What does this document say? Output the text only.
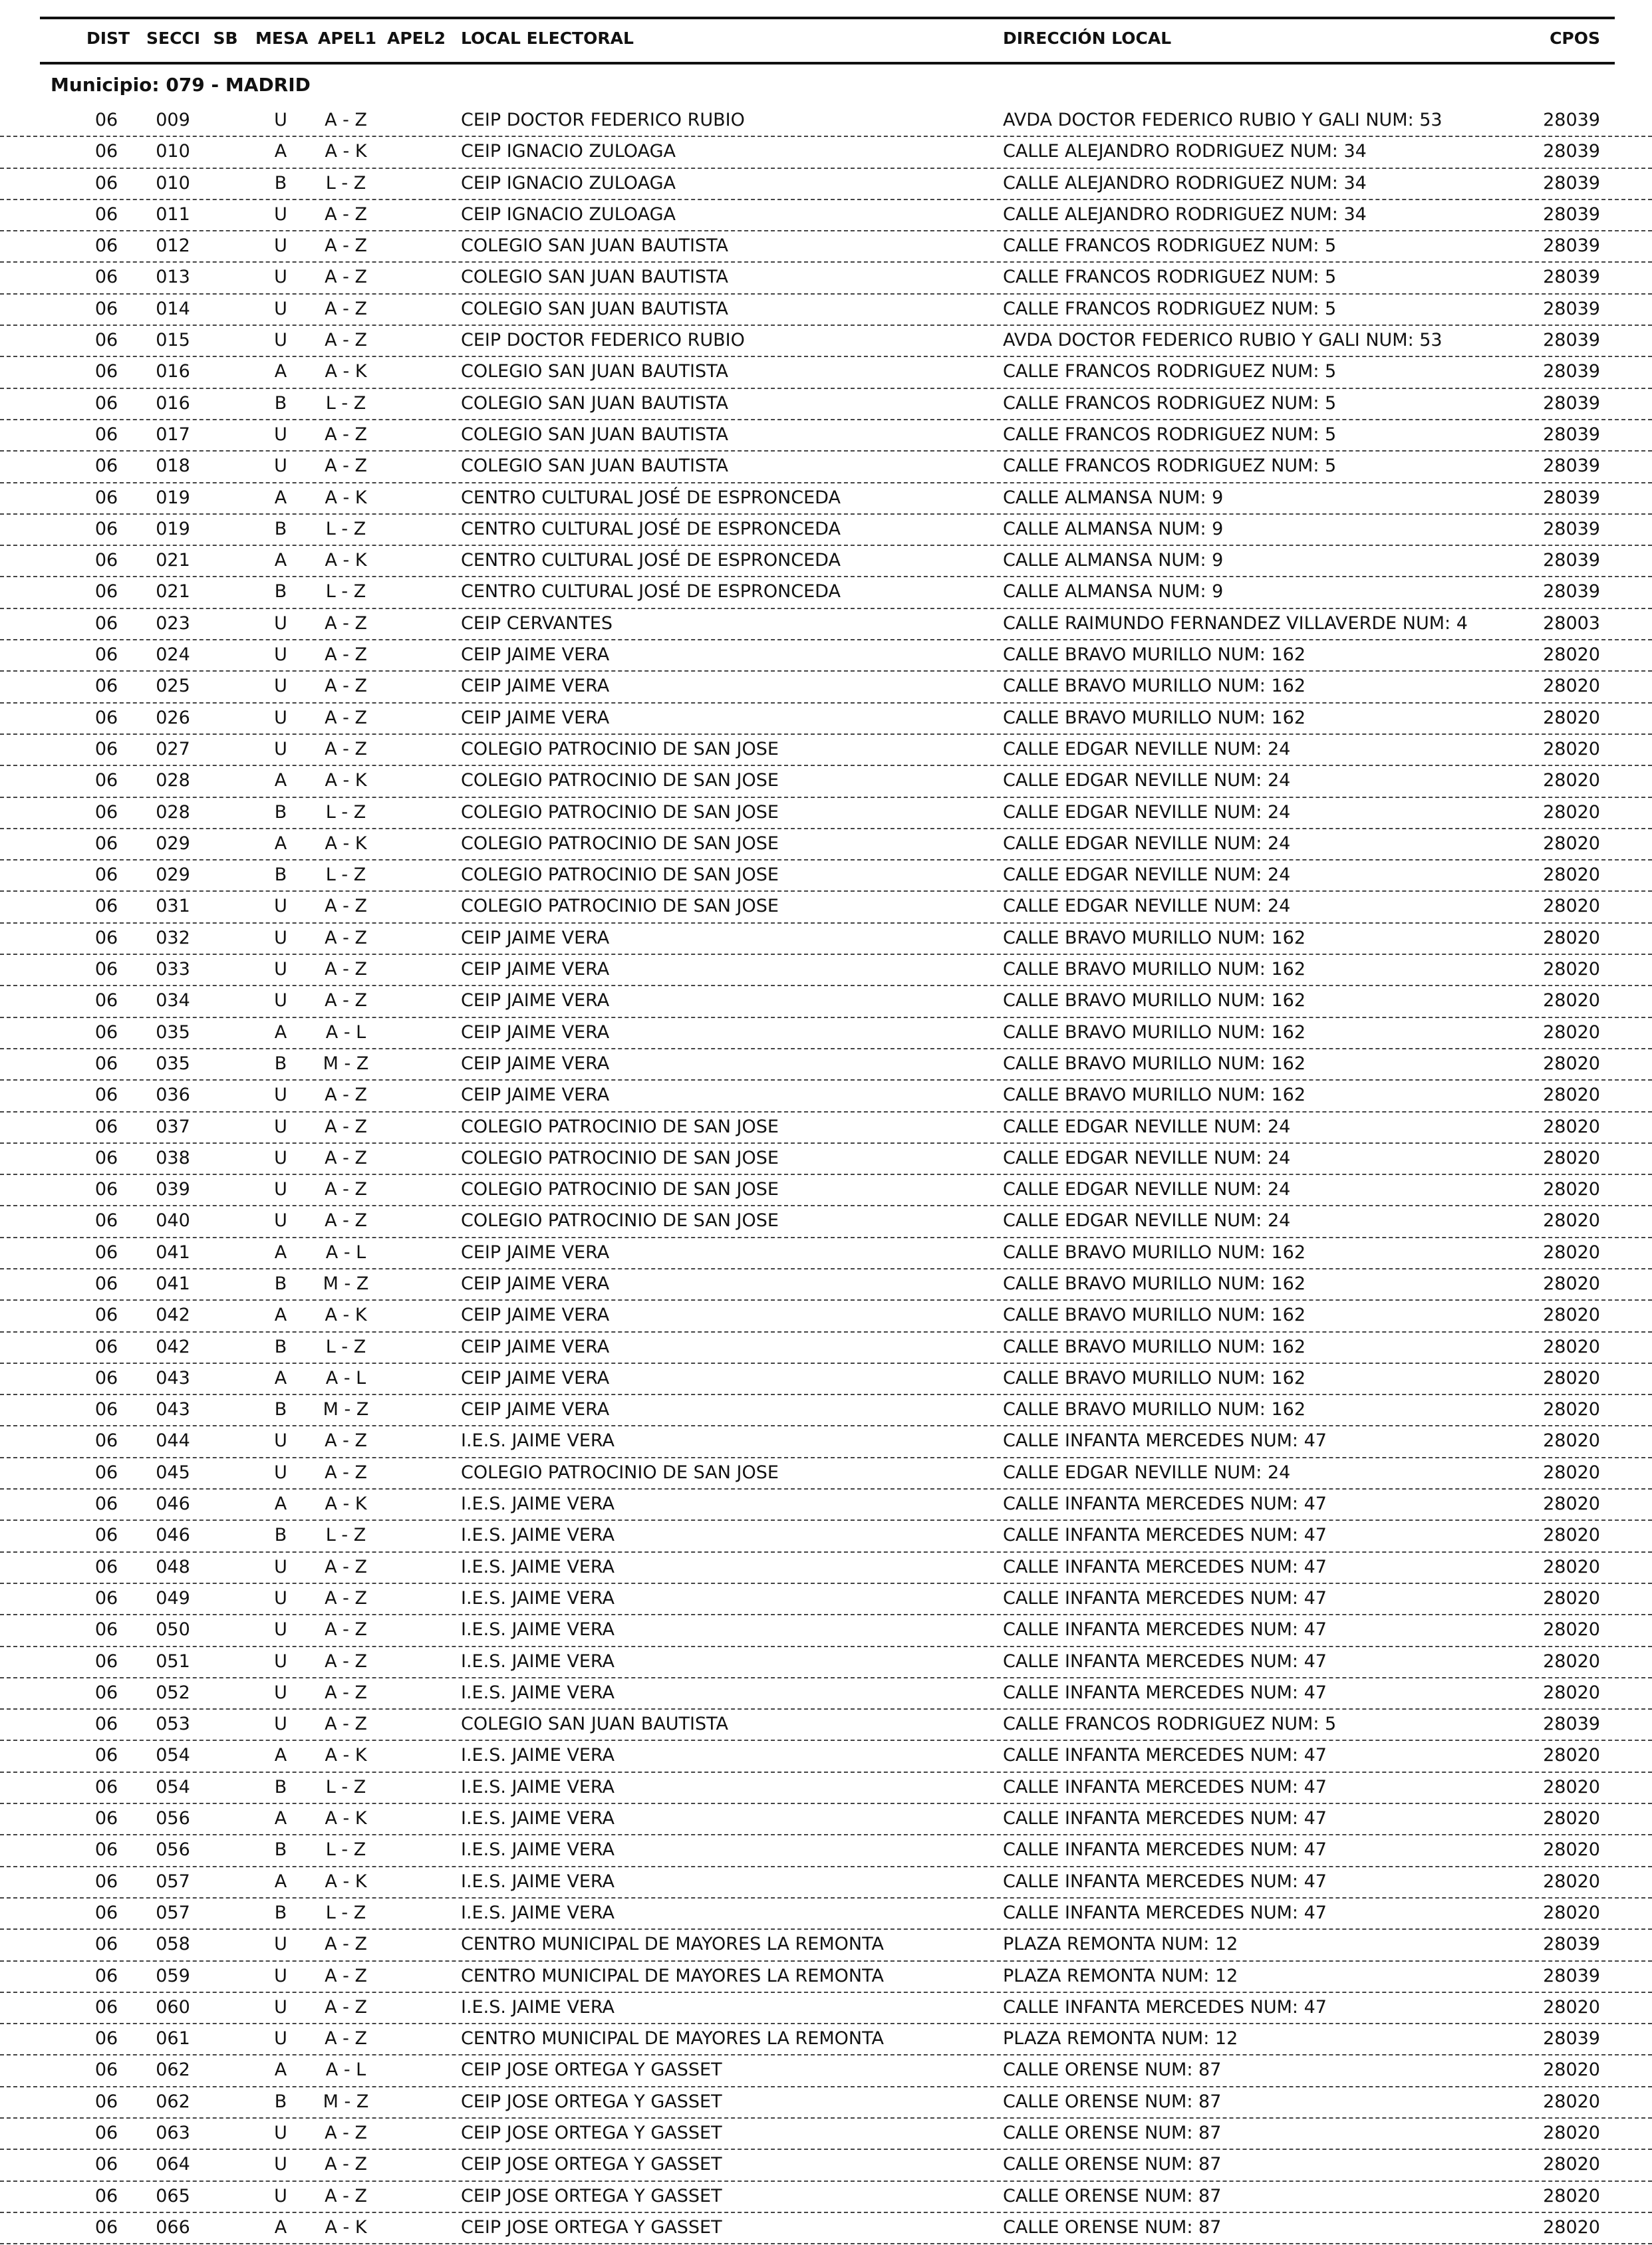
DIST SECCI SB MESA APEL1 APEL2 LOCAL ELECTORAL	DIRECCIÓN LOCAL	CPOS
Municipio: 079 - MADRID
06	009	U	A - Z	CEIP DOCTOR FEDERICO RUBIO	AVDA DOCTOR FEDERICO RUBIO Y GALI NUM: 53	28039
06	010	A	A - K	CEIP IGNACIO ZULOAGA	CALLE ALEJANDRO RODRIGUEZ NUM: 34	28039
06	010	B	L - Z	CEIP IGNACIO ZULOAGA	CALLE ALEJANDRO RODRIGUEZ NUM: 34	28039
06	011	U	A - Z	CEIP IGNACIO ZULOAGA	CALLE ALEJANDRO RODRIGUEZ NUM: 34	28039
06	012	U	A - Z	COLEGIO SAN JUAN BAUTISTA	CALLE FRANCOS RODRIGUEZ NUM: 5	28039
06	013	U	A - Z	COLEGIO SAN JUAN BAUTISTA	CALLE FRANCOS RODRIGUEZ NUM: 5	28039
06	014	U	A - Z	COLEGIO SAN JUAN BAUTISTA	CALLE FRANCOS RODRIGUEZ NUM: 5	28039
06	015	U	A - Z	CEIP DOCTOR FEDERICO RUBIO	AVDA DOCTOR FEDERICO RUBIO Y GALI NUM: 53	28039
06	016	A	A - K	COLEGIO SAN JUAN BAUTISTA	CALLE FRANCOS RODRIGUEZ NUM: 5	28039
06	016	B	L - Z	COLEGIO SAN JUAN BAUTISTA	CALLE FRANCOS RODRIGUEZ NUM: 5	28039
06	017	U	A - Z	COLEGIO SAN JUAN BAUTISTA	CALLE FRANCOS RODRIGUEZ NUM: 5	28039
06	018	U	A - Z	COLEGIO SAN JUAN BAUTISTA	CALLE FRANCOS RODRIGUEZ NUM: 5	28039
06	019	A	A - K	CENTRO CULTURAL JOSÉ DE ESPRONCEDA	CALLE ALMANSA NUM: 9	28039
06	019	B	L - Z	CENTRO CULTURAL JOSÉ DE ESPRONCEDA	CALLE ALMANSA NUM: 9	28039
06	021	A	A - K	CENTRO CULTURAL JOSÉ DE ESPRONCEDA	CALLE ALMANSA NUM: 9	28039
06	021	B	L - Z	CENTRO CULTURAL JOSÉ DE ESPRONCEDA	CALLE ALMANSA NUM: 9	28039
06	023	U	A - Z	CEIP CERVANTES	CALLE RAIMUNDO FERNANDEZ VILLAVERDE NUM: 4	28003
06	024	U	A - Z	CEIP JAIME VERA	CALLE BRAVO MURILLO NUM: 162	28020
06	025	U	A - Z	CEIP JAIME VERA	CALLE BRAVO MURILLO NUM: 162	28020
06	026	U	A - Z	CEIP JAIME VERA	CALLE BRAVO MURILLO NUM: 162	28020
06	027	U	A - Z	COLEGIO PATROCINIO DE SAN JOSE	CALLE EDGAR NEVILLE NUM: 24	28020
06	028	A	A - K	COLEGIO PATROCINIO DE SAN JOSE	CALLE EDGAR NEVILLE NUM: 24	28020
06	028	B	L - Z	COLEGIO PATROCINIO DE SAN JOSE	CALLE EDGAR NEVILLE NUM: 24	28020
06	029	A	A - K	COLEGIO PATROCINIO DE SAN JOSE	CALLE EDGAR NEVILLE NUM: 24	28020
06	029	B	L - Z	COLEGIO PATROCINIO DE SAN JOSE	CALLE EDGAR NEVILLE NUM: 24	28020
06	031	U	A - Z	COLEGIO PATROCINIO DE SAN JOSE	CALLE EDGAR NEVILLE NUM: 24	28020
06	032	U	A - Z	CEIP JAIME VERA	CALLE BRAVO MURILLO NUM: 162	28020
06	033	U	A - Z	CEIP JAIME VERA	CALLE BRAVO MURILLO NUM: 162	28020
06	034	U	A - Z	CEIP JAIME VERA	CALLE BRAVO MURILLO NUM: 162	28020
06	035	A	A - L	CEIP JAIME VERA	CALLE BRAVO MURILLO NUM: 162	28020
06	035	B	M - Z	CEIP JAIME VERA	CALLE BRAVO MURILLO NUM: 162	28020
06	036	U	A - Z	CEIP JAIME VERA	CALLE BRAVO MURILLO NUM: 162	28020
06	037	U	A - Z	COLEGIO PATROCINIO DE SAN JOSE	CALLE EDGAR NEVILLE NUM: 24	28020
06	038	U	A - Z	COLEGIO PATROCINIO DE SAN JOSE	CALLE EDGAR NEVILLE NUM: 24	28020
06	039	U	A - Z	COLEGIO PATROCINIO DE SAN JOSE	CALLE EDGAR NEVILLE NUM: 24	28020
06	040	U	A - Z	COLEGIO PATROCINIO DE SAN JOSE	CALLE EDGAR NEVILLE NUM: 24	28020
06	041	A	A - L	CEIP JAIME VERA	CALLE BRAVO MURILLO NUM: 162	28020
06	041	B	M - Z	CEIP JAIME VERA	CALLE BRAVO MURILLO NUM: 162	28020
06	042	A	A - K	CEIP JAIME VERA	CALLE BRAVO MURILLO NUM: 162	28020
06	042	B	L - Z	CEIP JAIME VERA	CALLE BRAVO MURILLO NUM: 162	28020
06	043	A	A - L	CEIP JAIME VERA	CALLE BRAVO MURILLO NUM: 162	28020
06	043	B	M - Z	CEIP JAIME VERA	CALLE BRAVO MURILLO NUM: 162	28020
06	044	U	A - Z	I.E.S. JAIME VERA	CALLE INFANTA MERCEDES NUM: 47	28020
06	045	U	A - Z	COLEGIO PATROCINIO DE SAN JOSE	CALLE EDGAR NEVILLE NUM: 24	28020
06	046	A	A - K	I.E.S. JAIME VERA	CALLE INFANTA MERCEDES NUM: 47	28020
06	046	B	L - Z	I.E.S. JAIME VERA	CALLE INFANTA MERCEDES NUM: 47	28020
06	048	U	A - Z	I.E.S. JAIME VERA	CALLE INFANTA MERCEDES NUM: 47	28020
06	049	U	A - Z	I.E.S. JAIME VERA	CALLE INFANTA MERCEDES NUM: 47	28020
06	050	U	A - Z	I.E.S. JAIME VERA	CALLE INFANTA MERCEDES NUM: 47	28020
06	051	U	A - Z	I.E.S. JAIME VERA	CALLE INFANTA MERCEDES NUM: 47	28020
06	052	U	A - Z	I.E.S. JAIME VERA	CALLE INFANTA MERCEDES NUM: 47	28020
06	053	U	A - Z	COLEGIO SAN JUAN BAUTISTA	CALLE FRANCOS RODRIGUEZ NUM: 5	28039
06	054	A	A - K	I.E.S. JAIME VERA	CALLE INFANTA MERCEDES NUM: 47	28020
06	054	B	L - Z	I.E.S. JAIME VERA	CALLE INFANTA MERCEDES NUM: 47	28020
06	056	A	A - K	I.E.S. JAIME VERA	CALLE INFANTA MERCEDES NUM: 47	28020
06	056	B	L - Z	I.E.S. JAIME VERA	CALLE INFANTA MERCEDES NUM: 47	28020
06	057	A	A - K	I.E.S. JAIME VERA	CALLE INFANTA MERCEDES NUM: 47	28020
06	057	B	L - Z	I.E.S. JAIME VERA	CALLE INFANTA MERCEDES NUM: 47	28020
06	058	U	A - Z	CENTRO MUNICIPAL DE MAYORES LA REMONTA	PLAZA REMONTA NUM: 12	28039
06	059	U	A - Z	CENTRO MUNICIPAL DE MAYORES LA REMONTA	PLAZA REMONTA NUM: 12	28039
06	060	U	A - Z	I.E.S. JAIME VERA	CALLE INFANTA MERCEDES NUM: 47	28020
06	061	U	A - Z	CENTRO MUNICIPAL DE MAYORES LA REMONTA	PLAZA REMONTA NUM: 12	28039
06	062	A	A - L	CEIP JOSE ORTEGA Y GASSET	CALLE ORENSE NUM: 87	28020
06	062	B	M - Z	CEIP JOSE ORTEGA Y GASSET	CALLE ORENSE NUM: 87	28020
06	063	U	A - Z	CEIP JOSE ORTEGA Y GASSET	CALLE ORENSE NUM: 87	28020
06	064	U	A - Z	CEIP JOSE ORTEGA Y GASSET	CALLE ORENSE NUM: 87	28020
06	065	U	A - Z	CEIP JOSE ORTEGA Y GASSET	CALLE ORENSE NUM: 87	28020
06	066	A	A - K	CEIP JOSE ORTEGA Y GASSET	CALLE ORENSE NUM: 87	28020
